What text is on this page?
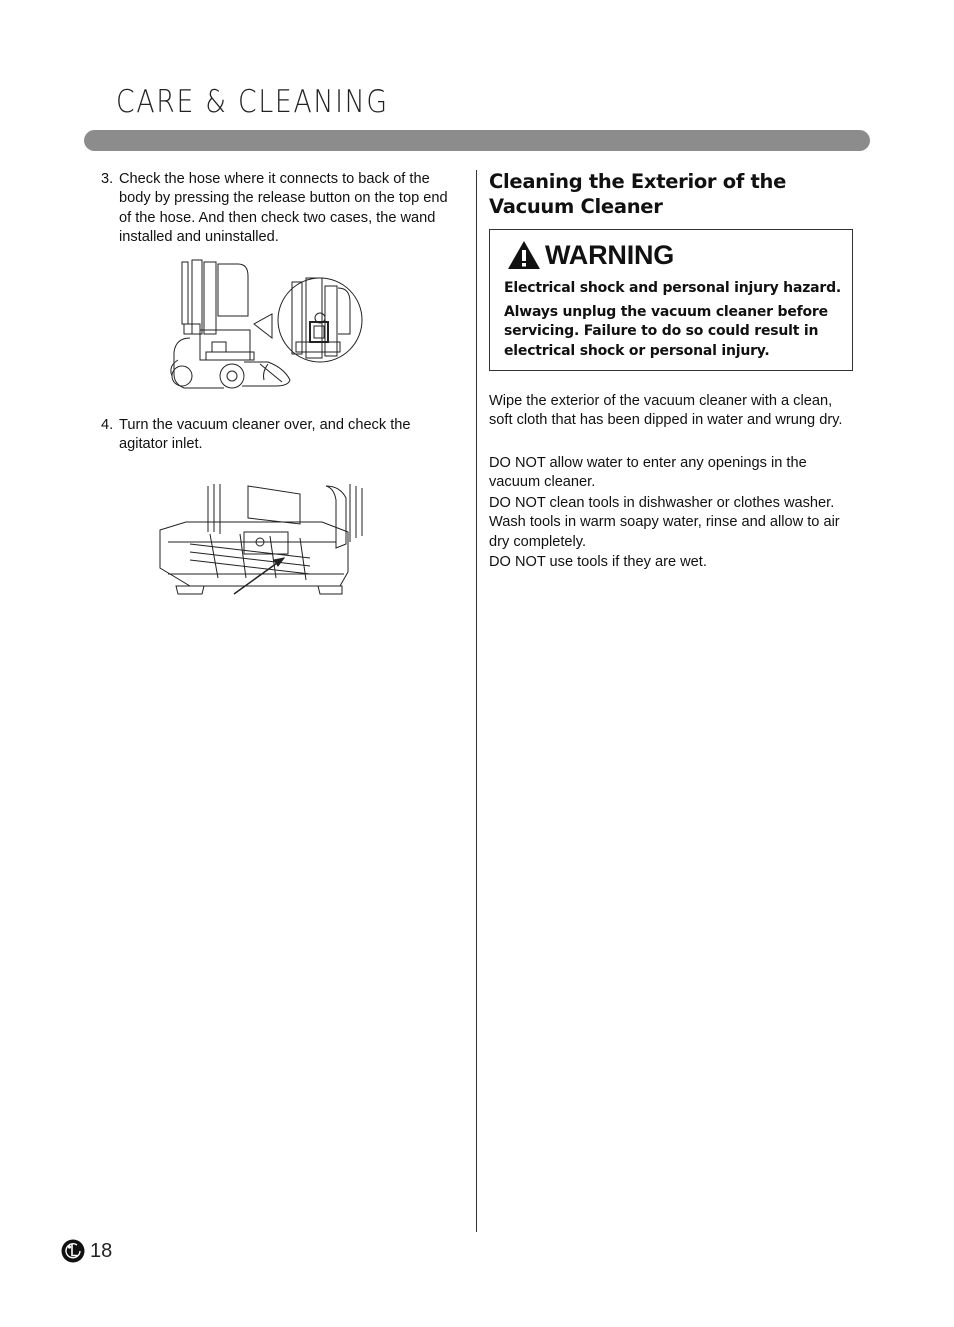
CARE & CLEANING
3. Check the hose where it connects to back of the body by pressing the release button on the top end of the hose. And then check two cases, the wand installed and uninstalled.
4. Turn the vacuum cleaner over, and check the agitator inlet.
Cleaning the Exterior of the Vacuum Cleaner
WARNING
Electrical shock and personal injury hazard.
Always unplug the vacuum cleaner before servicing. Failure to do so could result in electrical shock or personal injury.
Wipe the exterior of the vacuum cleaner with a clean, soft cloth that has been dipped in water and wrung dry.
DO NOT allow water to enter any openings in the vacuum cleaner.
DO NOT clean tools in dishwasher or clothes washer. Wash tools in warm soapy water, rinse and allow to air dry completely.
DO NOT use tools if they are wet.
18
